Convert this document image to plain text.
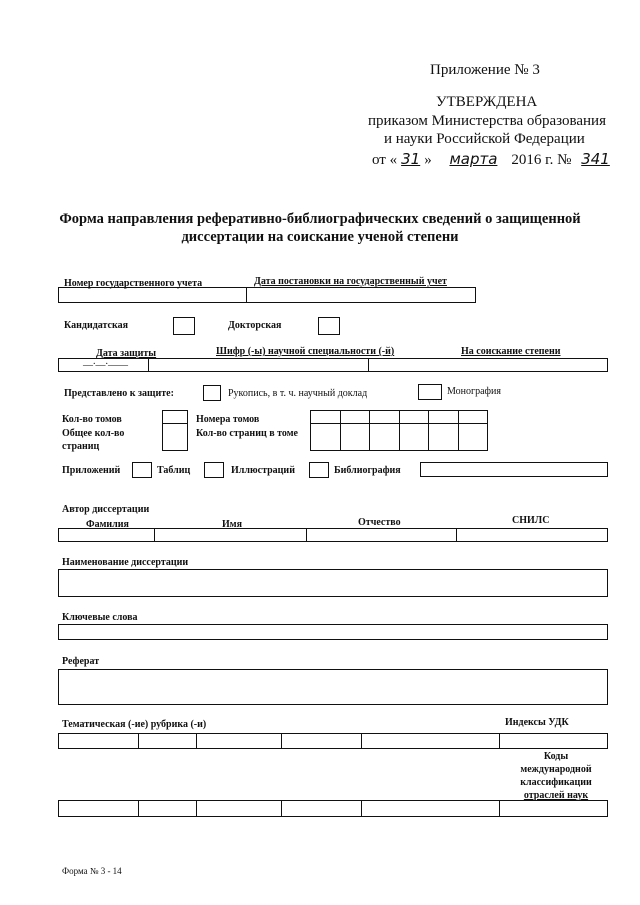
Приложение № 3
УТВЕРЖДЕНА
приказом Министерства образования
и науки Российской Федерации
от « 31 » марта 2016 г. № 341
Форма направления реферативно-библиографических сведений о защищенной
диссертации на соискание ученой степени
Номер государственного учета	Дата постановки на государственный учет
Кандидатская	Докторская
Дата защиты	Шифр (-ы) научной специальности (-й)	На соискание степени
__.__.____
Представлено к защите:	Рукопись, в т. ч. научный доклад	Монография
Кол-во томов
Общее кол-во
страниц
Номера томов
Кол-во страниц в томе
Приложений	Таблиц	Иллюстраций	Библиография
Автор диссертации
Фамилия	Имя	Отчество	СНИЛС
Наименование диссертации
Ключевые слова
Реферат
Тематическая (-ие) рубрика (-и)	Индексы УДК
Коды
международной
классификации
отраслей наук
Форма № 3 - 14
